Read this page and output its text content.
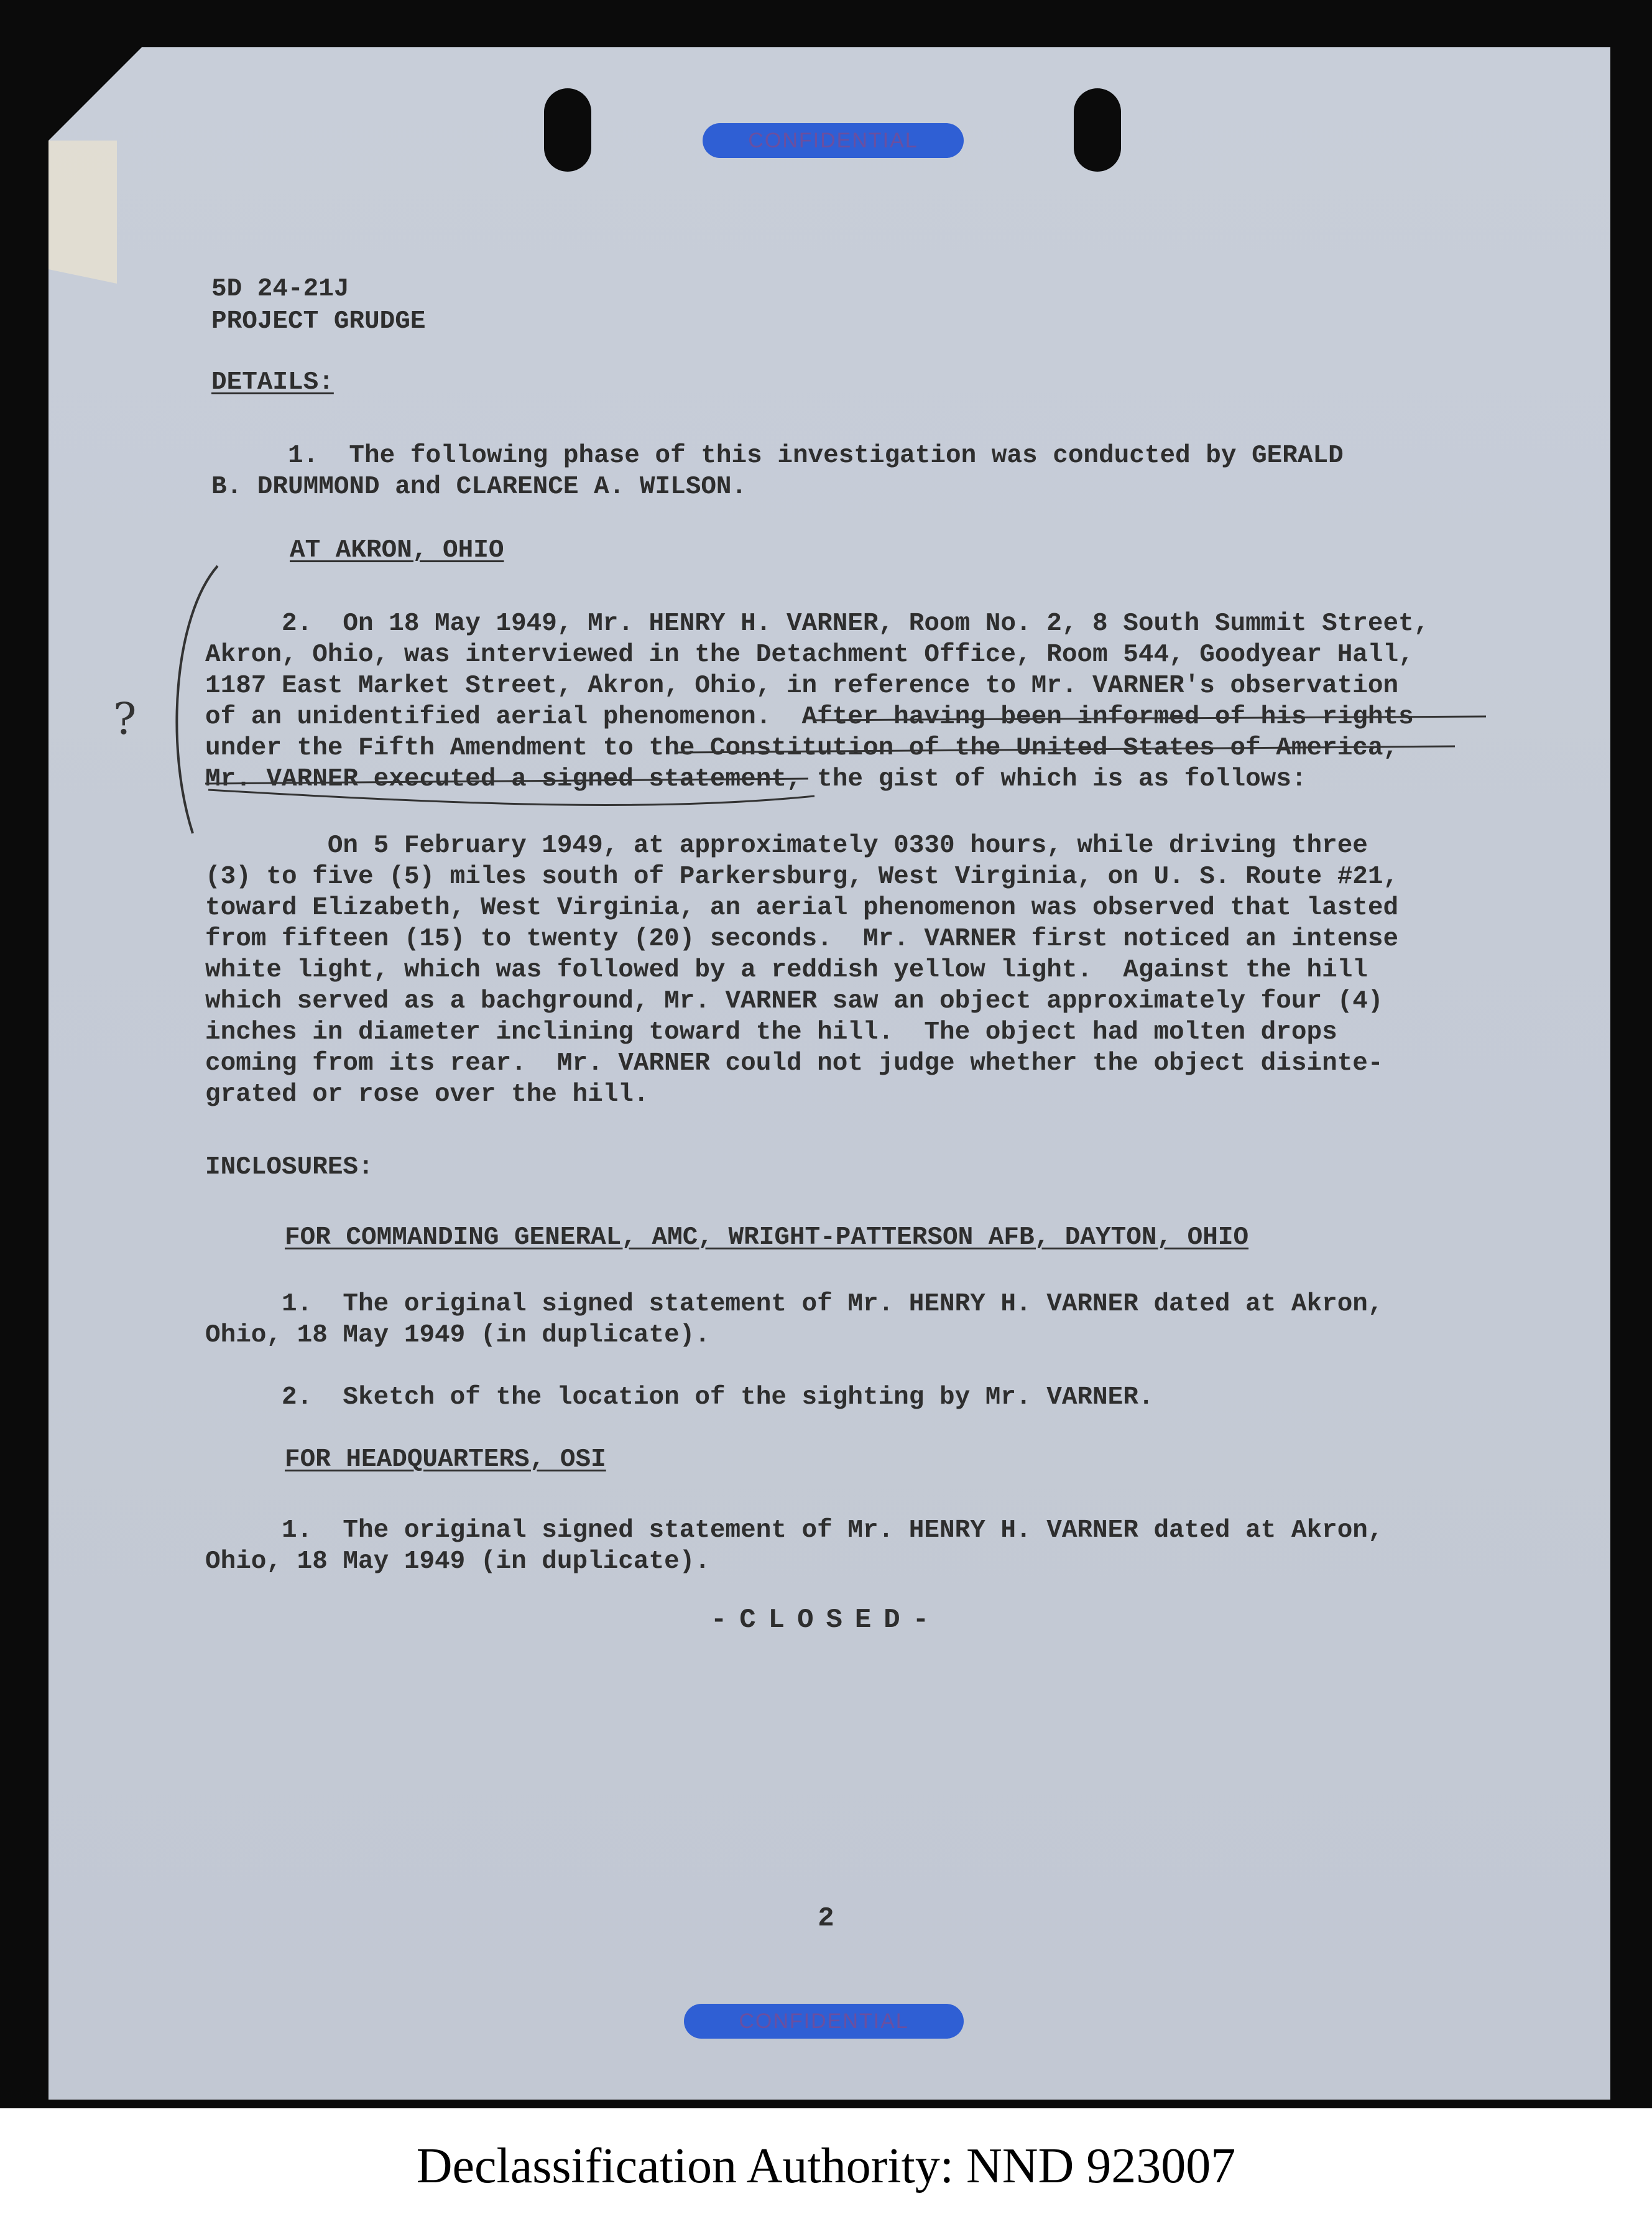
CONFIDENTIAL
CONFIDENTIAL

5D 24-21J

PROJECT GRUDGE

DETAILS:

1.  The following phase of this investigation was conducted by GERALD
B. DRUMMOND and CLARENCE A. WILSON.

AT AKRON, OHIO

2.  On 18 May 1949, Mr. HENRY H. VARNER, Room No. 2, 8 South Summit Street,
Akron, Ohio, was interviewed in the Detachment Office, Room 544, Goodyear Hall,
1187 East Market Street, Akron, Ohio, in reference to Mr. VARNER's observation
of an unidentified aerial phenomenon.  After having been informed of his rights
under the Fifth Amendment to the Constitution of the United States of America,
Mr. VARNER executed a signed statement, the gist of which is as follows:

?

On 5 February 1949, at approximately 0330 hours, while driving three
(3) to five (5) miles south of Parkersburg, West Virginia, on U. S. Route #21,
toward Elizabeth, West Virginia, an aerial phenomenon was observed that lasted
from fifteen (15) to twenty (20) seconds.  Mr. VARNER first noticed an intense
white light, which was followed by a reddish yellow light.  Against the hill
which served as a bachground, Mr. VARNER saw an object approximately four (4)
inches in diameter inclining toward the hill.  The object had molten drops
coming from its rear.  Mr. VARNER could not judge whether the object disinte-
grated or rose over the hill.

INCLOSURES:

FOR COMMANDING GENERAL, AMC, WRIGHT-PATTERSON AFB, DAYTON, OHIO

1.  The original signed statement of Mr. HENRY H. VARNER dated at Akron,
Ohio, 18 May 1949 (in duplicate).

2.  Sketch of the location of the sighting by Mr. VARNER.

FOR HEADQUARTERS, OSI

1.  The original signed statement of Mr. HENRY H. VARNER dated at Akron,
Ohio, 18 May 1949 (in duplicate).

-CLOSED-
2
Declassification Authority: NND 923007
